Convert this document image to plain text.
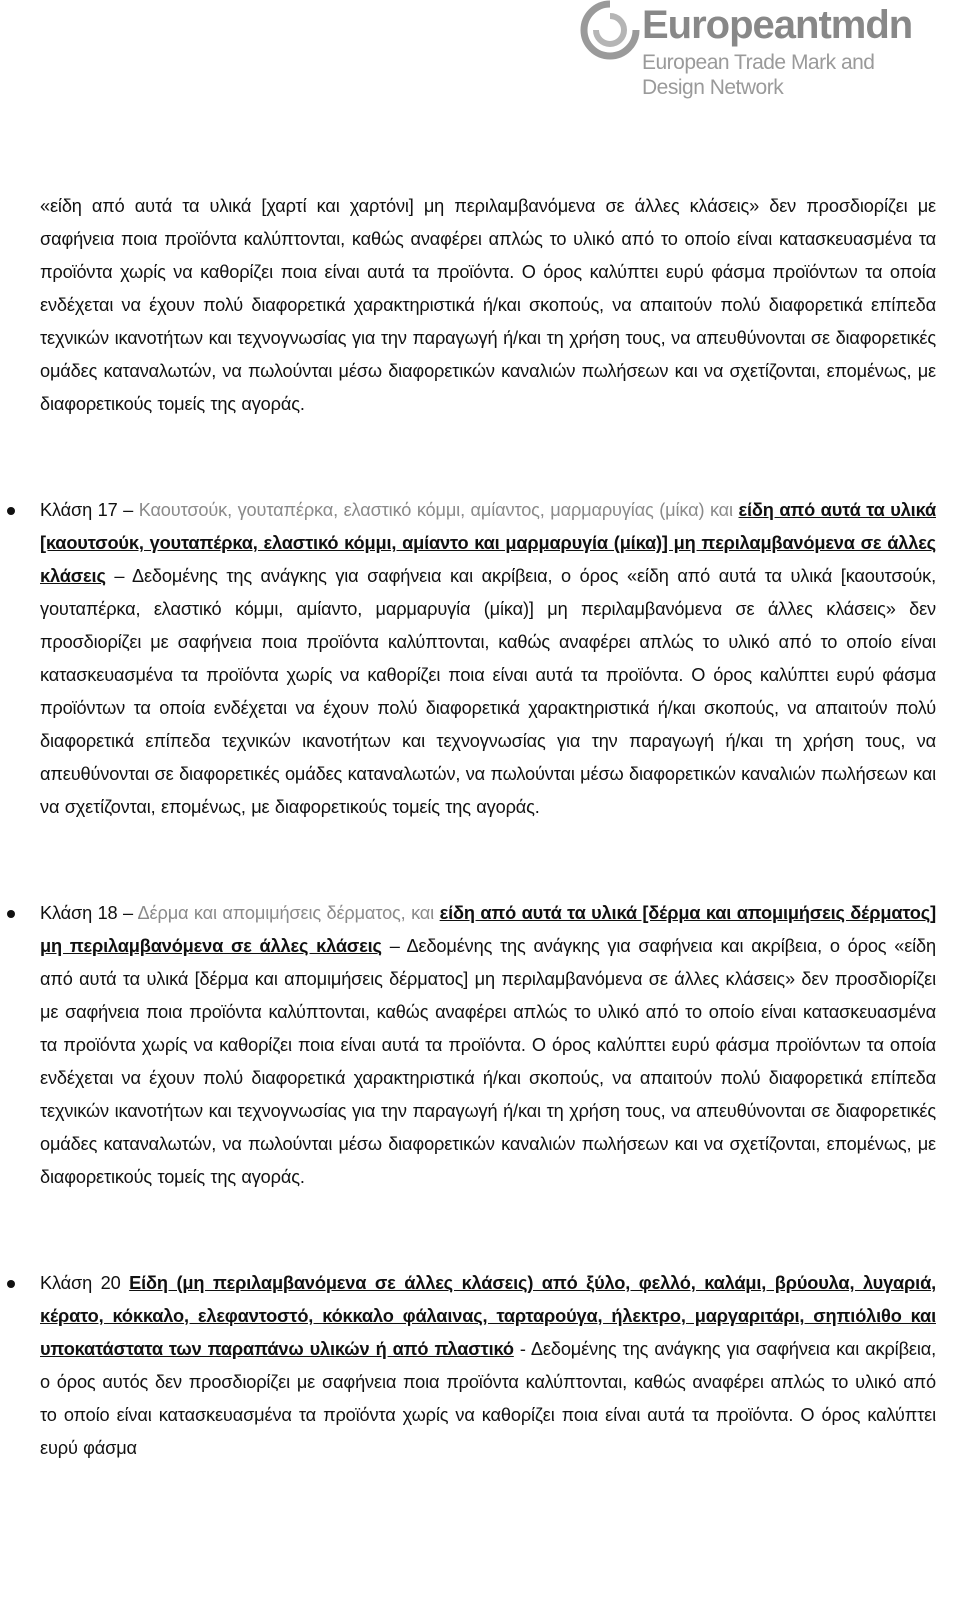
Europeantmdn
European Trade Mark and
Design Network

«είδη από αυτά τα υλικά [χαρτί και χαρτόνι] μη περιλαμβανόμενα σε άλλες κλάσεις» δεν προσδιορίζει με σαφήνεια ποια προϊόντα καλύπτονται, καθώς αναφέρει απλώς το υλικό από το οποίο είναι κατασκευασμένα τα προϊόντα χωρίς να καθορίζει ποια είναι αυτά τα προϊόντα. Ο όρος καλύπτει ευρύ φάσμα προϊόντων τα οποία ενδέχεται να έχουν πολύ διαφορετικά χαρακτηριστικά ή/και σκοπούς, να απαιτούν πολύ διαφορετικά επίπεδα τεχνικών ικανοτήτων και τεχνογνωσίας για την παραγωγή ή/και τη χρήση τους, να απευθύνονται σε διαφορετικές ομάδες καταναλωτών, να πωλούνται μέσω διαφορετικών καναλιών πωλήσεων και να σχετίζονται, επομένως, με διαφορετικούς τομείς της αγοράς.

Κλάση 17 – Καουτσούκ, γουταπέρκα, ελαστικό κόμμι, αμίαντος, μαρμαρυγίας (μίκα) και είδη από αυτά τα υλικά [καουτσούκ, γουταπέρκα, ελαστικό κόμμι, αμίαντο και μαρμαρυγία (μίκα)] μη περιλαμβανόμενα σε άλλες κλάσεις – Δεδομένης της ανάγκης για σαφήνεια και ακρίβεια, ο όρος «είδη από αυτά τα υλικά [καουτσούκ, γουταπέρκα, ελαστικό κόμμι, αμίαντο, μαρμαρυγία (μίκα)] μη περιλαμβανόμενα σε άλλες κλάσεις» δεν προσδιορίζει με σαφήνεια ποια προϊόντα καλύπτονται, καθώς αναφέρει απλώς το υλικό από το οποίο είναι κατασκευασμένα τα προϊόντα χωρίς να καθορίζει ποια είναι αυτά τα προϊόντα. Ο όρος καλύπτει ευρύ φάσμα προϊόντων τα οποία ενδέχεται να έχουν πολύ διαφορετικά χαρακτηριστικά ή/και σκοπούς, να απαιτούν πολύ διαφορετικά επίπεδα τεχνικών ικανοτήτων και τεχνογνωσίας για την παραγωγή ή/και τη χρήση τους, να απευθύνονται σε διαφορετικές ομάδες καταναλωτών, να πωλούνται μέσω διαφορετικών καναλιών πωλήσεων και να σχετίζονται, επομένως, με διαφορετικούς τομείς της αγοράς.

Κλάση 18 – Δέρμα και απομιμήσεις δέρματος, και είδη από αυτά τα υλικά [δέρμα και απομιμήσεις δέρματος] μη περιλαμβανόμενα σε άλλες κλάσεις – Δεδομένης της ανάγκης για σαφήνεια και ακρίβεια, ο όρος «είδη από αυτά τα υλικά [δέρμα και απομιμήσεις δέρματος] μη περιλαμβανόμενα σε άλλες κλάσεις» δεν προσδιορίζει με σαφήνεια ποια προϊόντα καλύπτονται, καθώς αναφέρει απλώς το υλικό από το οποίο είναι κατασκευασμένα τα προϊόντα χωρίς να καθορίζει ποια είναι αυτά τα προϊόντα. Ο όρος καλύπτει ευρύ φάσμα προϊόντων τα οποία ενδέχεται να έχουν πολύ διαφορετικά χαρακτηριστικά ή/και σκοπούς, να απαιτούν πολύ διαφορετικά επίπεδα τεχνικών ικανοτήτων και τεχνογνωσίας για την παραγωγή ή/και τη χρήση τους, να απευθύνονται σε διαφορετικές ομάδες καταναλωτών, να πωλούνται μέσω διαφορετικών καναλιών πωλήσεων και να σχετίζονται, επομένως, με διαφορετικούς τομείς της αγοράς.

Κλάση 20 Είδη (μη περιλαμβανόμενα σε άλλες κλάσεις) από ξύλο, φελλό, καλάμι, βρύουλα, λυγαριά, κέρατο, κόκκαλο, ελεφαντοστό, κόκκαλο φάλαινας, ταρταρούγα, ήλεκτρο, μαργαριτάρι, σηπιόλιθο και υποκατάστατα των παραπάνω υλικών ή από πλαστικό - Δεδομένης της ανάγκης για σαφήνεια και ακρίβεια, ο όρος αυτός δεν προσδιορίζει με σαφήνεια ποια προϊόντα καλύπτονται, καθώς αναφέρει απλώς το υλικό από το οποίο είναι κατασκευασμένα τα προϊόντα χωρίς να καθορίζει ποια είναι αυτά τα προϊόντα. Ο όρος καλύπτει ευρύ φάσμα
